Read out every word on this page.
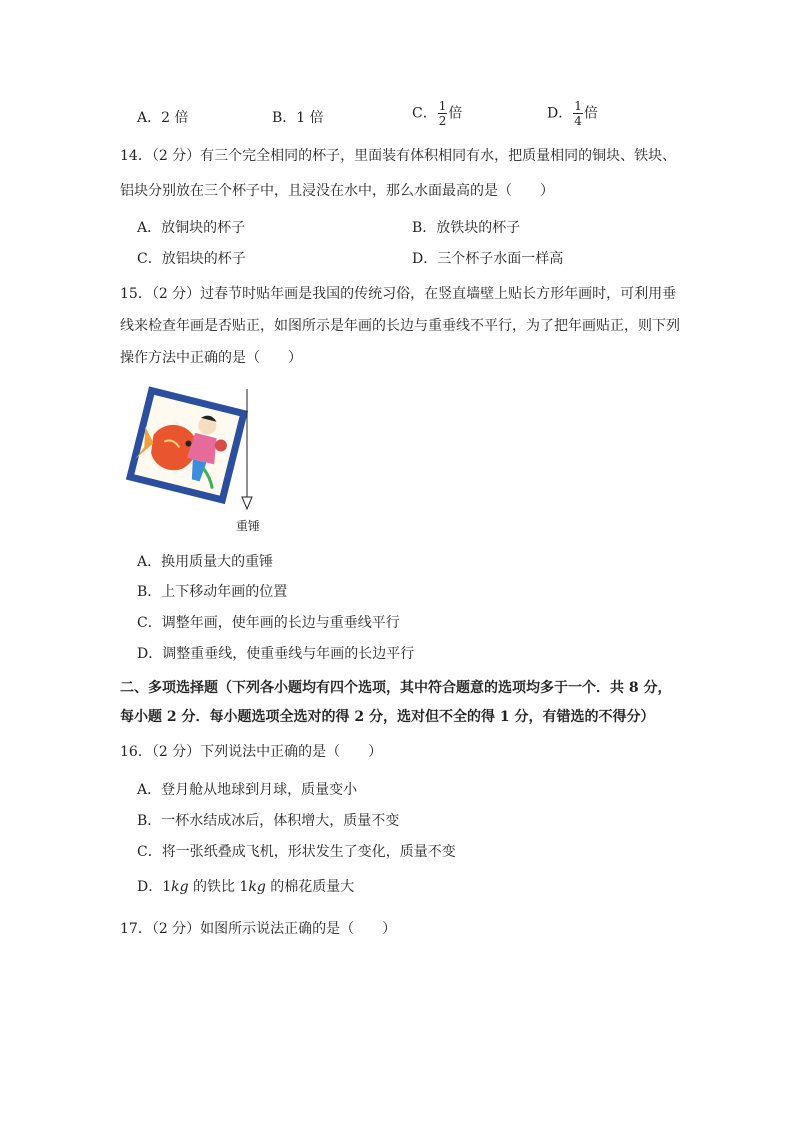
A．2 倍	B．1 倍	C． $\frac{1}{2}$ 倍	D． $\frac{1}{4}$ 倍
14．（2 分）有三个完全相同的杯子，里面装有体积相同有水，把质量相同的铜块、铁块、
铝块分别放在三个杯子中，且浸没在水中，那么水面最高的是（　　）
A．放铜块的杯子	B．放铁块的杯子
C．放铝块的杯子	D．三个杯子水面一样高
15．（2 分）过春节时贴年画是我国的传统习俗，在竖直墙壁上贴长方形年画时，可利用垂
线来检查年画是否贴正，如图所示是年画的长边与重垂线不平行，为了把年画贴正，则下列
操作方法中正确的是（　　）
重锤
A．换用质量大的重锤
B．上下移动年画的位置
C．调整年画，使年画的长边与重垂线平行
D．调整重垂线，使重垂线与年画的长边平行
二、多项选择题（下列各小题均有四个选项，其中符合题意的选项均多于一个．共 8 分，
每小题 2 分．每小题选项全选对的得 2 分，选对但不全的得 1 分，有错选的不得分）
16．（2 分）下列说法中正确的是（　　）
A．登月舱从地球到月球，质量变小
B．一杯水结成冰后，体积增大，质量不变
C．将一张纸叠成飞机，形状发生了变化，质量不变
D．1kg 的铁比 1kg 的棉花质量大
17．（2 分）如图所示说法正确的是（　　）
